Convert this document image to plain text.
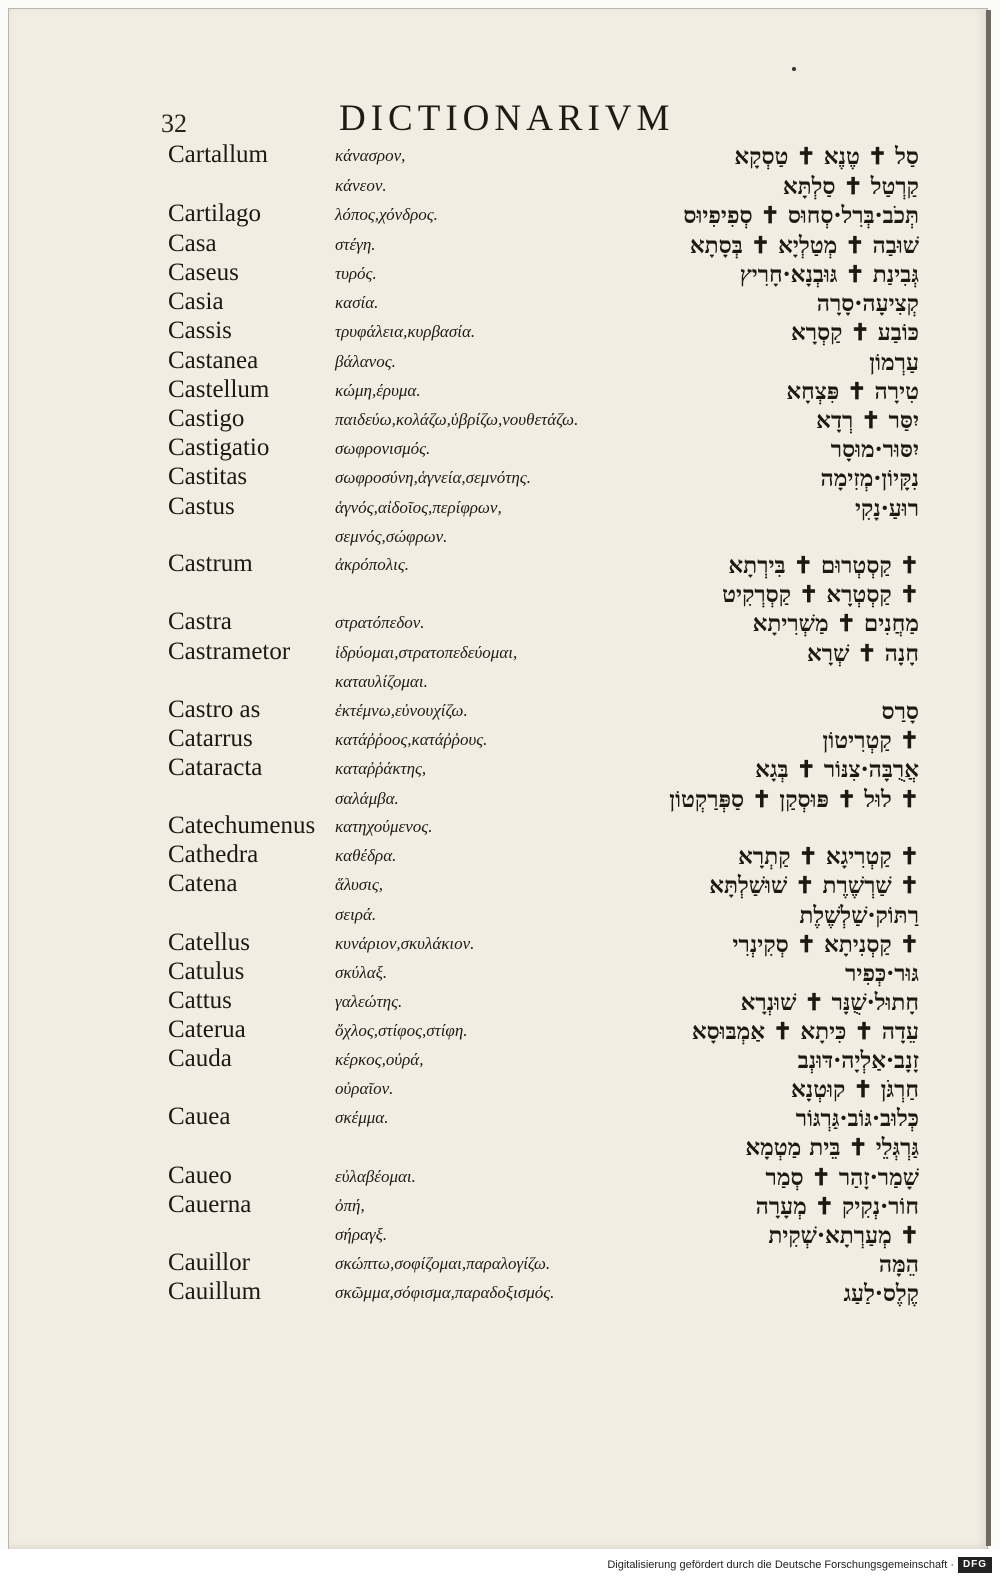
32	DICTIONARIVM
Cartallum	κάνασρον,	סַל ✝ טֶנֶא ✝ טַסְקָא
κάνεον.	קַרְטַל ✝ סַלְתָּא
Cartilago	λόπος,χόνδρος.	תְּכֹב·בְּרִל·סְחוּס ✝ סְפִיפִיוּס
Casa	στέγη.	שׁוּבַה ✝ מְטַלְיָא ✝ בְּסָתָא
Caseus	τυρός.	גְּבִינַת ✝ גּוּבְנָא·חָרִיץ
Casia	κασία.	קְצִיעָה·סָרָה
Cassis	τρυφάλεια,κυρβασία.	כּוֹבַע ✝ קַסְרָא
Castanea	βάλανος.	עַרְמוֹן
Castellum	κώμη,έρυμα.	טִירָה ✝ פִּצְחָא
Castigo	παιδεύω,κολάζω,ὑβρίζω,νουθετάζω.	יִסַּר ✝ רְדָא
Castigatio	σωφρονισμός.	יִסּוּר·מוּסָר
Castitas	σωφροσύνη,ἁγνεία,σεμνότης.	נִקָּיוֹן·מְזִימָה
Castus	ἁγνός,αἰδοῖος,περίφρων,	רוּעַ·נָקִי
σεμνός,σώφρων.
Castrum	ἀκρόπολις.	✝ קַסְטְרוּם ✝ בִּירְתָא
✝ קַסְטְרָא ✝ קַסְרְקִיט
Castra	στρατόπεδον.	מַחֲנִים ✝ מַשְׁרִיתָא
Castrametor	ἱδρύομαι,στρατοπεδεύομαι,	חָנָה ✝ שְׁרָא
καταυλίζομαι.
Castro as	ἐκτέμνω,εὐνουχίζω.	סָרַס
Catarrus	κατάῤῥοος,κατάῤῥους.	✝ קַטְרִיטוֹן
Cataracta	καταῤῥάκτης,	אֲרֻבָּה·צִנּוֹר ✝ בְּגָא
σαλάμβα.	✝ לוּל ✝ פּוּסְקַן ✝ סַפְּרַקְטוֹן
Catechumenus κατηχούμενος.
Cathedra	καθέδρα.	✝ קַטְרִיגָא ✝ קַתְרָא
Catena	ἅλυσις,	✝ שַׁרְשֶׁרֶת ✝ שׁוּשַׁלְתָּא
σειρά.	רַתּוֹק·שַׁלְשֶׁלֶת
Catellus	κυνάριον,σκυλάκιον.	✝ קַסְנִיתָא ✝ סְקִינְרִי
Catulus	σκύλαξ.	גּוּר·כְּפִיר
Cattus	γαλεώτης.	חָתוּל·שֻׁנָּר ✝ שׁוּנְרָא
Caterua	ὄχλος,στίφος,στίφη.	עֵדָה ✝ כִּיתָא ✝ אַמְבּוּסָא
Cauda	κέρκος,οὐρά,	זָנָב·אַלְיָה·דּוּנְב
οὐραῖον.	חַרְגֹּן ✝ קוּטְנָא
Cauea	σκέμμα.	כְּלוּב·גּוֹב·גַּרְגּוֹר
גַּרְגְּלֵי ✝ בֵּית מַטְמָא
Caueo	εὐλαβέομαι.	שָׁמַר·זָהַר ✝ סְמַר
Cauerna	ὀπή,	חוֹר·נְקִיק ✝ מְעָרָה
σήραγξ.	✝ מְעַרְתָא·שְׁקִית
Cauillor	σκώπτω,σοφίζομαι,παραλογίζω.	הֵמָּה
Cauillum	σκῶμμα,σόφισμα,παραδοξισμός.	קֶלֶס·לַעַג
Digitalisierung gefördert durch die Deutsche Forschungsgemeinschaft · DFG
